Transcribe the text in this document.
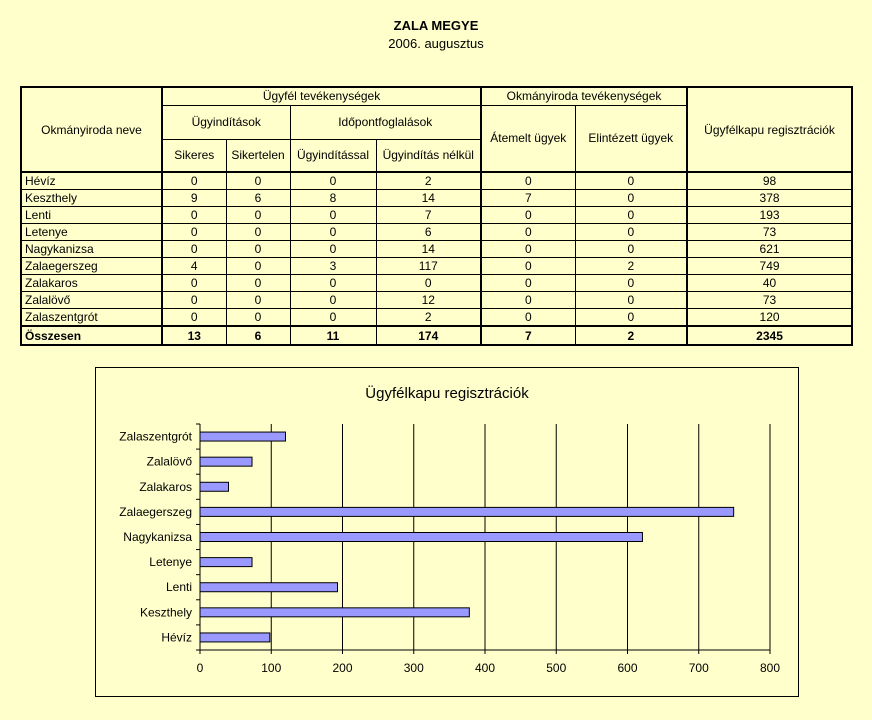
ZALA MEGYE
2006. augusztus
Okmányiroda neve	Ügyfél tevékenységek				Okmányiroda tevékenységek		Ügyfélkapu regisztrációk
	Ügyindítások		Időpontfoglalások		Átemelt ügyek	Elintézett ügyek	
	Sikeres	Sikertelen	Ügyindítással	Ügyindítás nélkül			
Hévíz	0	0	0	2	0	0	98
Keszthely	9	6	8	14	7	0	378
Lenti	0	0	0	7	0	0	193
Letenye	0	0	0	6	0	0	73
Nagykanizsa	0	0	0	14	0	0	621
Zalaegerszeg	4	0	3	117	0	2	749
Zalakaros	0	0	0	0	0	0	40
Zalalövő	0	0	0	12	0	0	73
Zalaszentgrót	0	0	0	2	0	0	120
Összesen	13	6	11	174	7	2	2345
Ügyfélkapu regisztrációk
0	100	200	300	400	500	600	700	800
Hévíz
Keszthely
Lenti
Letenye
Nagykanizsa
Zalaegerszeg
Zalakaros
Zalalövő
Zalaszentgrót
